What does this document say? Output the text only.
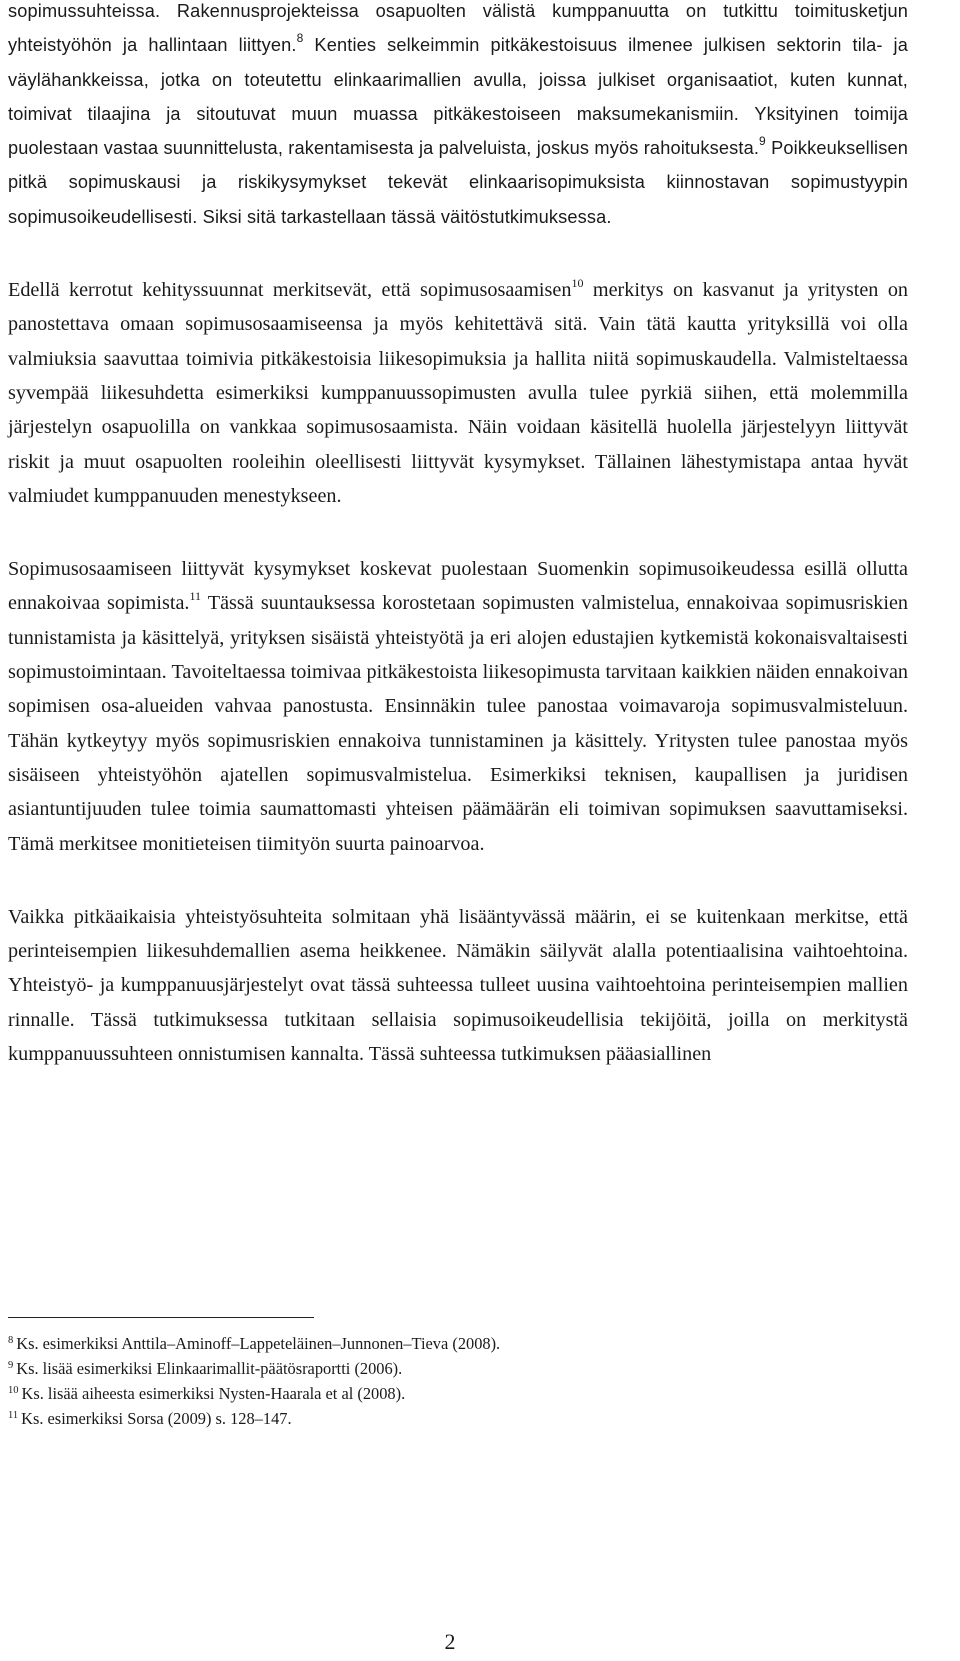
sopimussuhteissa. Rakennusprojekteissa osapuolten välistä kumppanuutta on tutkittu toimitusketjun yhteistyöhön ja hallintaan liittyen.$^8$ Kenties selkeimmin pitkäkestoisuus ilmenee julkisen sektorin tila- ja väylähankkeissa, jotka on toteutettu elinkaarimallien avulla, joissa julkiset organisaatiot, kuten kunnat, toimivat tilaajina ja sitoutuvat muun muassa pitkäkestoiseen maksumekanismiin. Yksityinen toimija puolestaan vastaa suunnittelusta, rakentamisesta ja palveluista, joskus myös rahoituksesta.$^9$ Poikkeuksellisen pitkä sopimuskausi ja riskikysymykset tekevät elinkaarisopimuksista kiinnostavan sopimustyypin sopimusoikeudellisesti. Siksi sitä tarkastellaan tässä väitöstutkimuksessa.

Edellä kerrotut kehityssuunnat merkitsevät, että sopimusosaamisen$^{10}$ merkitys on kasvanut ja yritysten on panostettava omaan sopimusosaamiseensa ja myös kehitettävä sitä. Vain tätä kautta yrityksillä voi olla valmiuksia saavuttaa toimivia pitkäkestoisia liikesopimuksia ja hallita niitä sopimuskaudella. Valmisteltaessa syvempää liikesuhdetta esimerkiksi kumppanuussopimusten avulla tulee pyrkiä siihen, että molemmilla järjestelyn osapuolilla on vankkaa sopimusosaamista. Näin voidaan käsitellä huolella järjestelyyn liittyvät riskit ja muut osapuolten rooleihin oleellisesti liittyvät kysymykset. Tällainen lähestymistapa antaa hyvät valmiudet kumppanuuden menestykseen.

Sopimusosaamiseen liittyvät kysymykset koskevat puolestaan Suomenkin sopimusoikeudessa esillä ollutta ennakoivaa sopimista.$^{11}$ Tässä suuntauksessa korostetaan sopimusten valmistelua, ennakoivaa sopimusriskien tunnistamista ja käsittelyä, yrityksen sisäistä yhteistyötä ja eri alojen edustajien kytkemistä kokonaisvaltaisesti sopimustoimintaan. Tavoiteltaessa toimivaa pitkäkestoista liikesopimusta tarvitaan kaikkien näiden ennakoivan sopimisen osa-alueiden vahvaa panostusta. Ensinnäkin tulee panostaa voimavaroja sopimusvalmisteluun. Tähän kytkeytyy myös sopimusriskien ennakoiva tunnistaminen ja käsittely. Yritysten tulee panostaa myös sisäiseen yhteistyöhön ajatellen sopimusvalmistelua. Esimerkiksi teknisen, kaupallisen ja juridisen asiantuntijuuden tulee toimia saumattomasti yhteisen päämäärän eli toimivan sopimuksen saavuttamiseksi. Tämä merkitsee monitieteisen tiimityön suurta painoarvoa.

Vaikka pitkäaikaisia yhteistyösuhteita solmitaan yhä lisääntyvässä määrin, ei se kuitenkaan merkitse, että perinteisempien liikesuhdemallien asema heikkenee. Nämäkin säilyvät alalla potentiaalisina vaihtoehtoina. Yhteistyö- ja kumppanuusjärjestelyt ovat tässä suhteessa tulleet uusina vaihtoehtoina perinteisempien mallien rinnalle. Tässä tutkimuksessa tutkitaan sellaisia sopimusoikeudellisia tekijöitä, joilla on merkitystä kumppanuussuhteen onnistumisen kannalta. Tässä suhteessa tutkimuksen pääasiallinen

$^8$ Ks. esimerkiksi Anttila–Aminoff–Lappeteläinen–Junnonen–Tieva (2008).
$^9$ Ks. lisää esimerkiksi Elinkaarimallit-päätösraportti (2006).
$^{10}$ Ks. lisää aiheesta esimerkiksi Nysten-Haarala et al (2008).
$^{11}$ Ks. esimerkiksi Sorsa (2009) s. 128–147.
2
